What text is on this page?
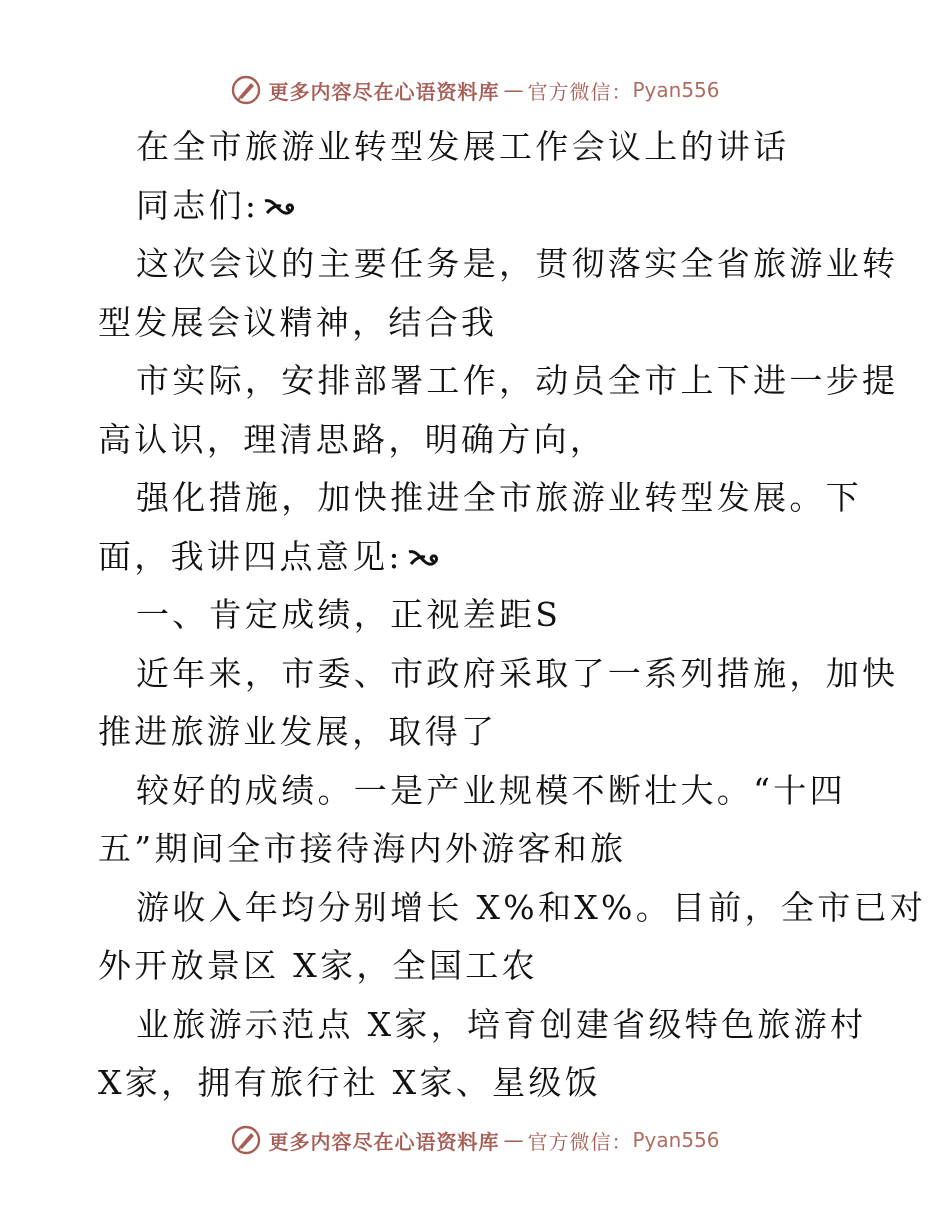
更多内容尽在心语资料库 — 官方微信： Pyan556
在全市旅游业转型发展工作会议上的讲话
同志们:
这次会议的主要任务是，贯彻落实全省旅游业转
型发展会议精神，结合我
市实际，安排部署工作，动员全市上下进一步提
高认识，理清思路，明确方向，
强化措施，加快推进全市旅游业转型发展。下
面，我讲四点意见:
一、肯定成绩，正视差距S
近年来，市委、市政府采取了一系列措施，加快
推进旅游业发展，取得了
较好的成绩。一是产业规模不断壮大。“十四
五”期间全市接待海内外游客和旅
游收入年均分别增长 X%和X%。目前，全市已对
外开放景区 X家，全国工农
业旅游示范点 X家，培育创建省级特色旅游村
X家，拥有旅行社 X家、星级饭
更多内容尽在心语资料库 — 官方微信： Pyan556
